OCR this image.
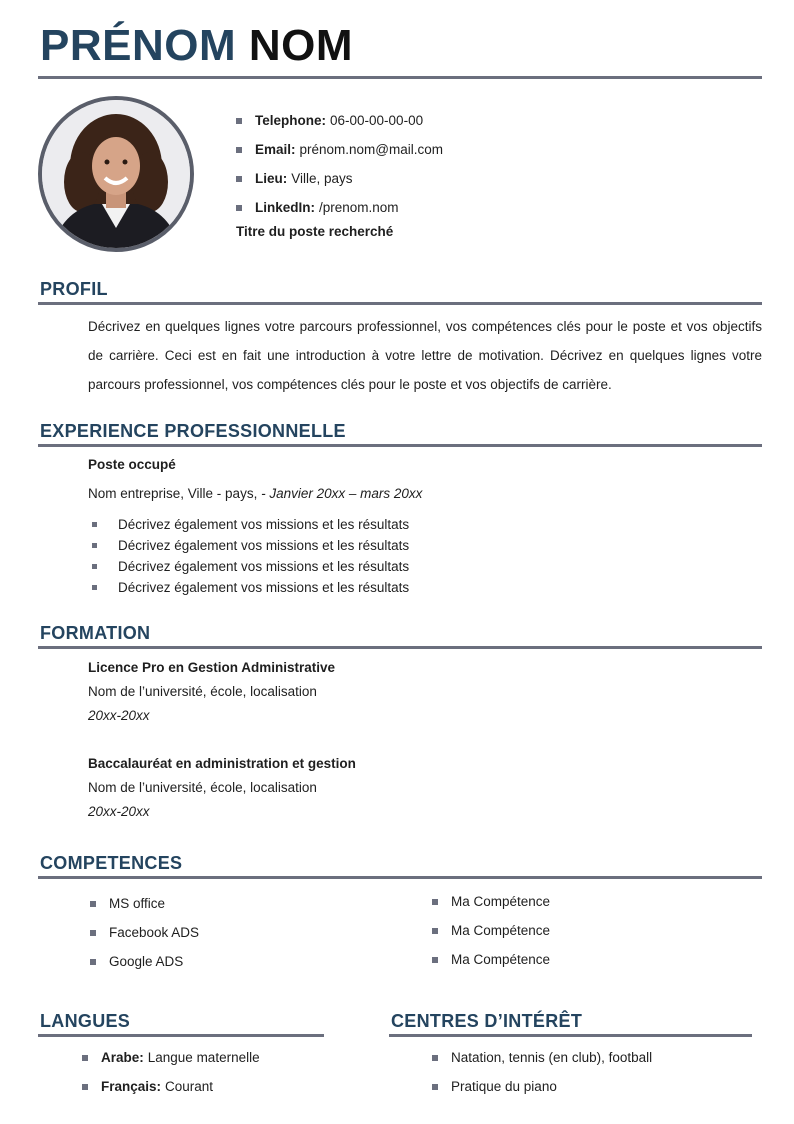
PRÉNOM NOM
Telephone: 06-00-00-00-00
Email: prénom.nom@mail.com
Lieu: Ville, pays
LinkedIn: /prenom.nom
Titre du poste recherché
PROFIL

Décrivez en quelques lignes votre parcours professionnel, vos compétences clés pour le poste et vos objectifs de carrière. Ceci est en fait une introduction à votre lettre de motivation. Décrivez en quelques lignes votre parcours professionnel, vos compétences clés pour le poste et vos objectifs de carrière.

EXPERIENCE PROFESSIONNELLE
Poste occupé
Nom entreprise, Ville - pays, - Janvier 20xx – mars 20xx
Décrivez également vos missions et les résultats
Décrivez également vos missions et les résultats
Décrivez également vos missions et les résultats
Décrivez également vos missions et les résultats
FORMATION
Licence Pro en Gestion Administrative
Nom de l’université, école, localisation
20xx-20xx
Baccalauréat en administration et gestion
Nom de l’université, école, localisation
20xx-20xx
COMPETENCES
MS office
Facebook ADS
Google ADS
Ma Compétence
Ma Compétence
Ma Compétence
LANGUES
Arabe: Langue maternelle
Français: Courant
CENTRES D’INTÉRÊT
Natation, tennis (en club), football
Pratique du piano
